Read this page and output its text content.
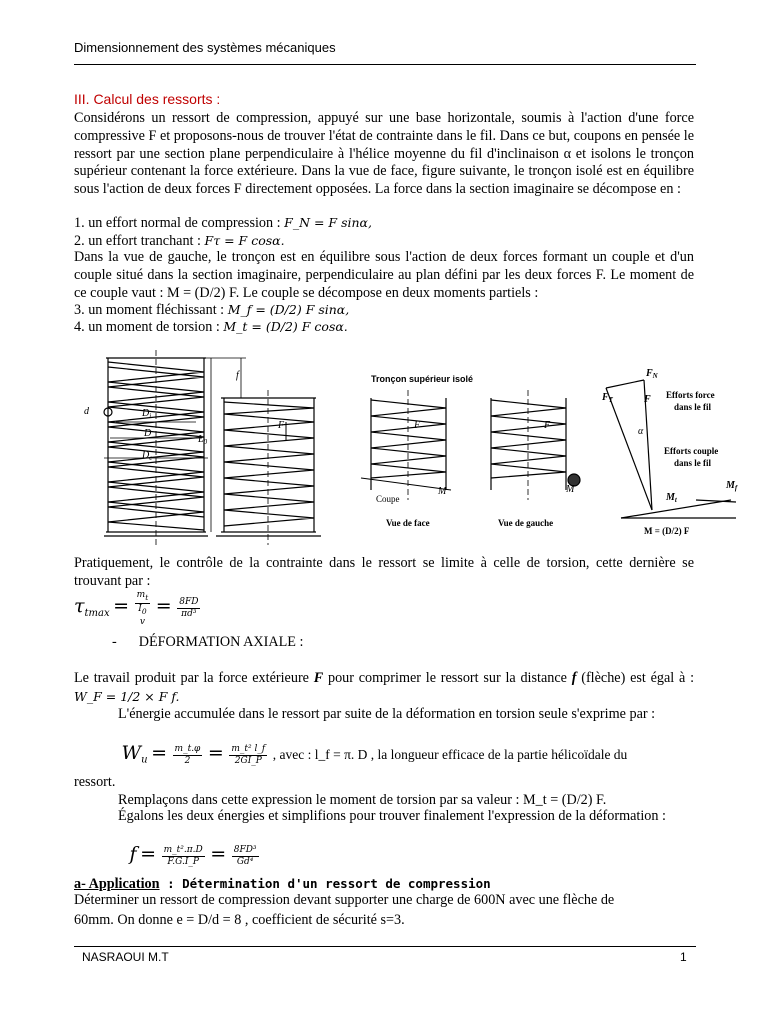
Dimensionnement des systèmes mécaniques
III. Calcul des ressorts :
Considérons un ressort de compression, appuyé sur une base horizontale, soumis à l'action d'une force compressive F et proposons-nous de trouver l'état de contrainte dans le fil. Dans ce but, coupons en pensée le ressort par une section plane perpendiculaire à l'hélice moyenne du fil d'inclinaison α et isolons le tronçon supérieur contenant la force extérieure. Dans la vue de face, figure suivante, le tronçon isolé est en équilibre sous l'action de deux forces F directement opposées. La force dans la section imaginaire se décompose en :
1. un effort normal de compression : F_N = F sinα,
2. un effort tranchant : Fτ = F cosα.
Dans la vue de gauche, le tronçon est en équilibre sous l'action de deux forces formant un couple et d'un couple situé dans la section imaginaire, perpendiculaire au plan défini par les deux forces F. Le moment de ce couple vaut : M = (D/2) F. Le couple se décompose en deux moments partiels :
3. un moment fléchissant : M_f = (D/2) F sinα,
4. un moment de torsion : M_t = (D/2) F cosα.
d	$D_i$
D
$D_e$
$L_0$
f
F
Tronçon supérieur isolé
F	F
M	M
Coupe
Vue de face	Vue de gauche
$F_N$
$F_T$	F Efforts force
dans le fil
Efforts couple
dans le fil
α
$M_t$
$M_f$
M = (D/2) F
Pratiquement, le contrôle de la contrainte dans le ressort se limite à celle de torsion, cette dernière se trouvant par :
$\tau_{tmax}$ =
$m_t$
$I_0$
v
= $\frac{8FD}{\text{πd³}}$
- DÉFORMATION AXIALE :
Le travail produit par la force extérieure F pour comprimer le ressort sur la distance f (flèche) est égal à : W_F = 1/2 × F f.
L'énergie accumulée dans le ressort par suite de la déformation en torsion seule s'exprime par :
$W_u = \frac{m\_t.\varphi}{2} = \frac{\text{m\_t² l\_f}}{2GI\_P}$ , avec : l_f = π. D , la longueur efficace de la partie hélicoïdale du
ressort.
Remplaçons dans cette expression le moment de torsion par sa valeur : M_t = (D/2) F.
Égalons les deux énergies et simplifions pour trouver finalement l'expression de la déformation :
$f = \frac{\text{m\_t².π.D}}{F.G.I\_P} = \frac{\text{8FD³}}{\text{Gd⁴}}$
a- Application : Détermination d'un ressort de compression
Déterminer un ressort de compression devant supporter une charge de 600N avec une flèche de
60mm. On donne e = D/d = 8 , coefficient de sécurité s=3.
NASRAOUI M.T	1
